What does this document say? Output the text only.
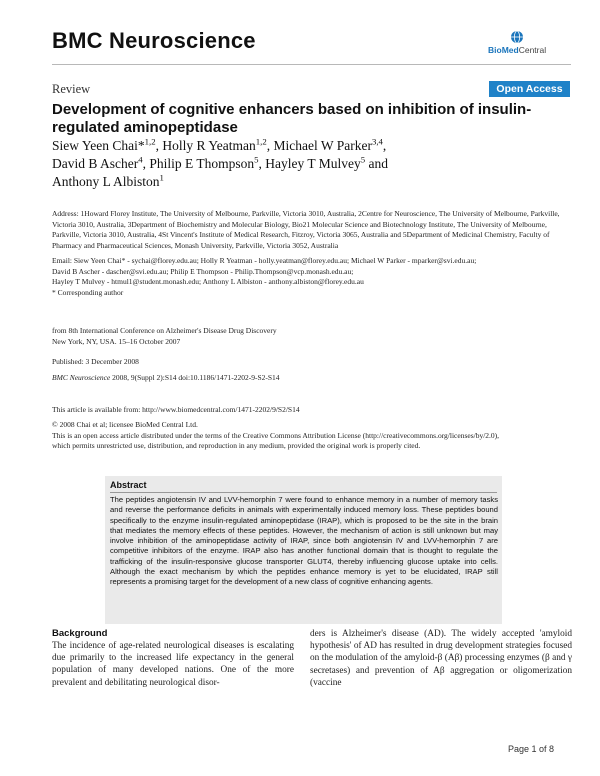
BMC Neuroscience	BioMedCentral
Review	Open Access
Development of cognitive enhancers based on inhibition of insulin-regulated aminopeptidase
Siew Yeen Chai*$^{1,2}$, Holly R Yeatman$^{1,2}$, Michael W Parker$^{3,4}$,
David B Ascher$^4$, Philip E Thompson$^5$, Hayley T Mulvey$^5$ and
Anthony L Albiston$^1$
Address: 1Howard Florey Institute, The University of Melbourne, Parkville, Victoria 3010, Australia, 2Centre for Neuroscience, The University of Melbourne, Parkville, Victoria 3010, Australia, 3Department of Biochemistry and Molecular Biology, Bio21 Molecular Science and Biotechnology Institute, The University of Melbourne, Parkville, Victoria 3010, Australia, 4St Vincent's Institute of Medical Research, Fitzroy, Victoria 3065, Australia and 5Department of Medicinal Chemistry, Faculty of Pharmacy and Pharmaceutical Sciences, Monash University, Parkville, Victoria 3052, Australia
Email: Siew Yeen Chai* - sychai@florey.edu.au; Holly R Yeatman - holly.yeatman@florey.edu.au; Michael W Parker - mparker@svi.edu.au;
David B Ascher - dascher@svi.edu.au; Philip E Thompson - Philip.Thompson@vcp.monash.edu.au;
Hayley T Mulvey - htmul1@student.monash.edu; Anthony L Albiston - anthony.albiston@florey.edu.au
* Corresponding author
from 8th International Conference on Alzheimer's Disease Drug Discovery
New York, NY, USA. 15–16 October 2007
Published: 3 December 2008
BMC Neuroscience 2008, 9(Suppl 2):S14 doi:10.1186/1471-2202-9-S2-S14
This article is available from: http://www.biomedcentral.com/1471-2202/9/S2/S14
© 2008 Chai et al; licensee BioMed Central Ltd.
This is an open access article distributed under the terms of the Creative Commons Attribution License (http://creativecommons.org/licenses/by/2.0),
which permits unrestricted use, distribution, and reproduction in any medium, provided the original work is properly cited.
Abstract
The peptides angiotensin IV and LVV-hemorphin 7 were found to enhance memory in a number of memory tasks and reverse the performance deficits in animals with experimentally induced memory loss. These peptides bound specifically to the enzyme insulin-regulated aminopeptidase (IRAP), which is proposed to be the site in the brain that mediates the memory effects of these peptides. However, the mechanism of action is still unknown but may involve inhibition of the aminopeptidase activity of IRAP, since both angiotensin IV and LVV-hemorphin 7 are competitive inhibitors of the enzyme. IRAP also has another functional domain that is thought to regulate the trafficking of the insulin-responsive glucose transporter GLUT4, thereby influencing glucose uptake into cells. Although the exact mechanism by which the peptides enhance memory is yet to be elucidated, IRAP still represents a promising target for the development of a new class of cognitive enhancing agents.
Background
The incidence of age-related neurological diseases is escalating due primarily to the increased life expectancy in the general population of many developed nations. One of the more prevalent and debilitating neurological disor-
ders is Alzheimer's disease (AD). The widely accepted 'amyloid hypothesis' of AD has resulted in drug development strategies focused on the modulation of the amyloid-β (Aβ) processing enzymes (β and γ secretases) and prevention of Aβ aggregation or oligomerization (vaccine
Page 1 of 8
